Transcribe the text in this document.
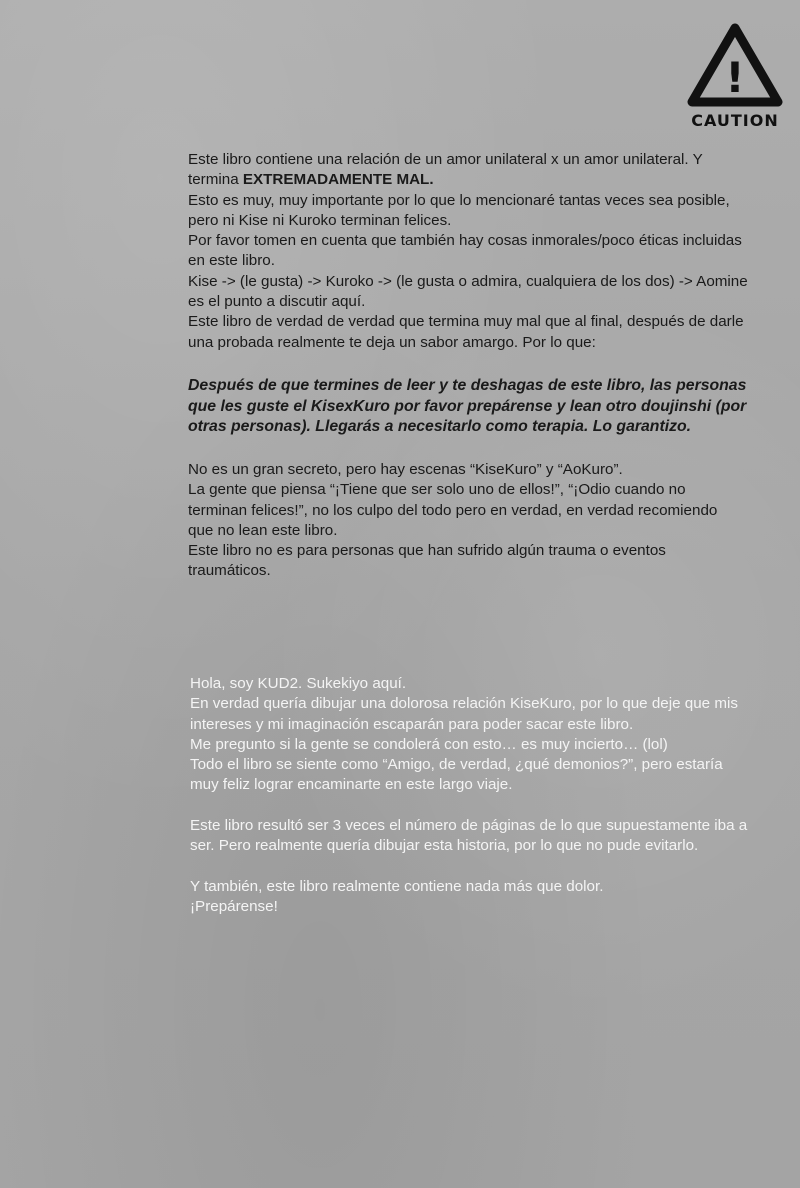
!
CAUTION

Este libro contiene una relación de un amor unilateral x un amor unilateral. Y

termina EXTREMADAMENTE MAL.

Esto es muy, muy importante por lo que lo mencionaré tantas veces sea posible,

pero ni Kise ni Kuroko terminan felices.

Por favor tomen en cuenta que también hay cosas inmorales/poco éticas incluidas

en este libro.

Kise -> (le gusta) -> Kuroko -> (le gusta o admira, cualquiera de los dos) -> Aomine

es el punto a discutir aquí.

Este libro de verdad de verdad que termina muy mal que al final, después de darle

una probada realmente te deja un sabor amargo. Por lo que:

Después de que termines de leer y te deshagas de este libro, las personas

que les guste el KisexKuro por favor prepárense y lean otro doujinshi (por

otras personas). Llegarás a necesitarlo como terapia. Lo garantizo.

No es un gran secreto, pero hay escenas “KiseKuro” y “AoKuro”.

La gente que piensa “¡Tiene que ser solo uno de ellos!”, “¡Odio cuando no

terminan felices!”, no los culpo del todo pero en verdad, en verdad recomiendo

que no lean este libro.

Este libro no es para personas que han sufrido algún trauma o eventos

traumáticos.

Hola, soy KUD2. Sukekiyo aquí.

En verdad quería dibujar una dolorosa relación KiseKuro, por lo que deje que mis

intereses y mi imaginación escaparán para poder sacar este libro.

Me pregunto si la gente se condolerá con esto… es muy incierto… (lol)

Todo el libro se siente como “Amigo, de verdad, ¿qué demonios?”, pero estaría

muy feliz lograr encaminarte en este largo viaje.

Este libro resultó ser 3 veces el número de páginas de lo que supuestamente iba a

ser. Pero realmente quería dibujar esta historia, por lo que no pude evitarlo.

Y también, este libro realmente contiene nada más que dolor.

¡Prepárense!
